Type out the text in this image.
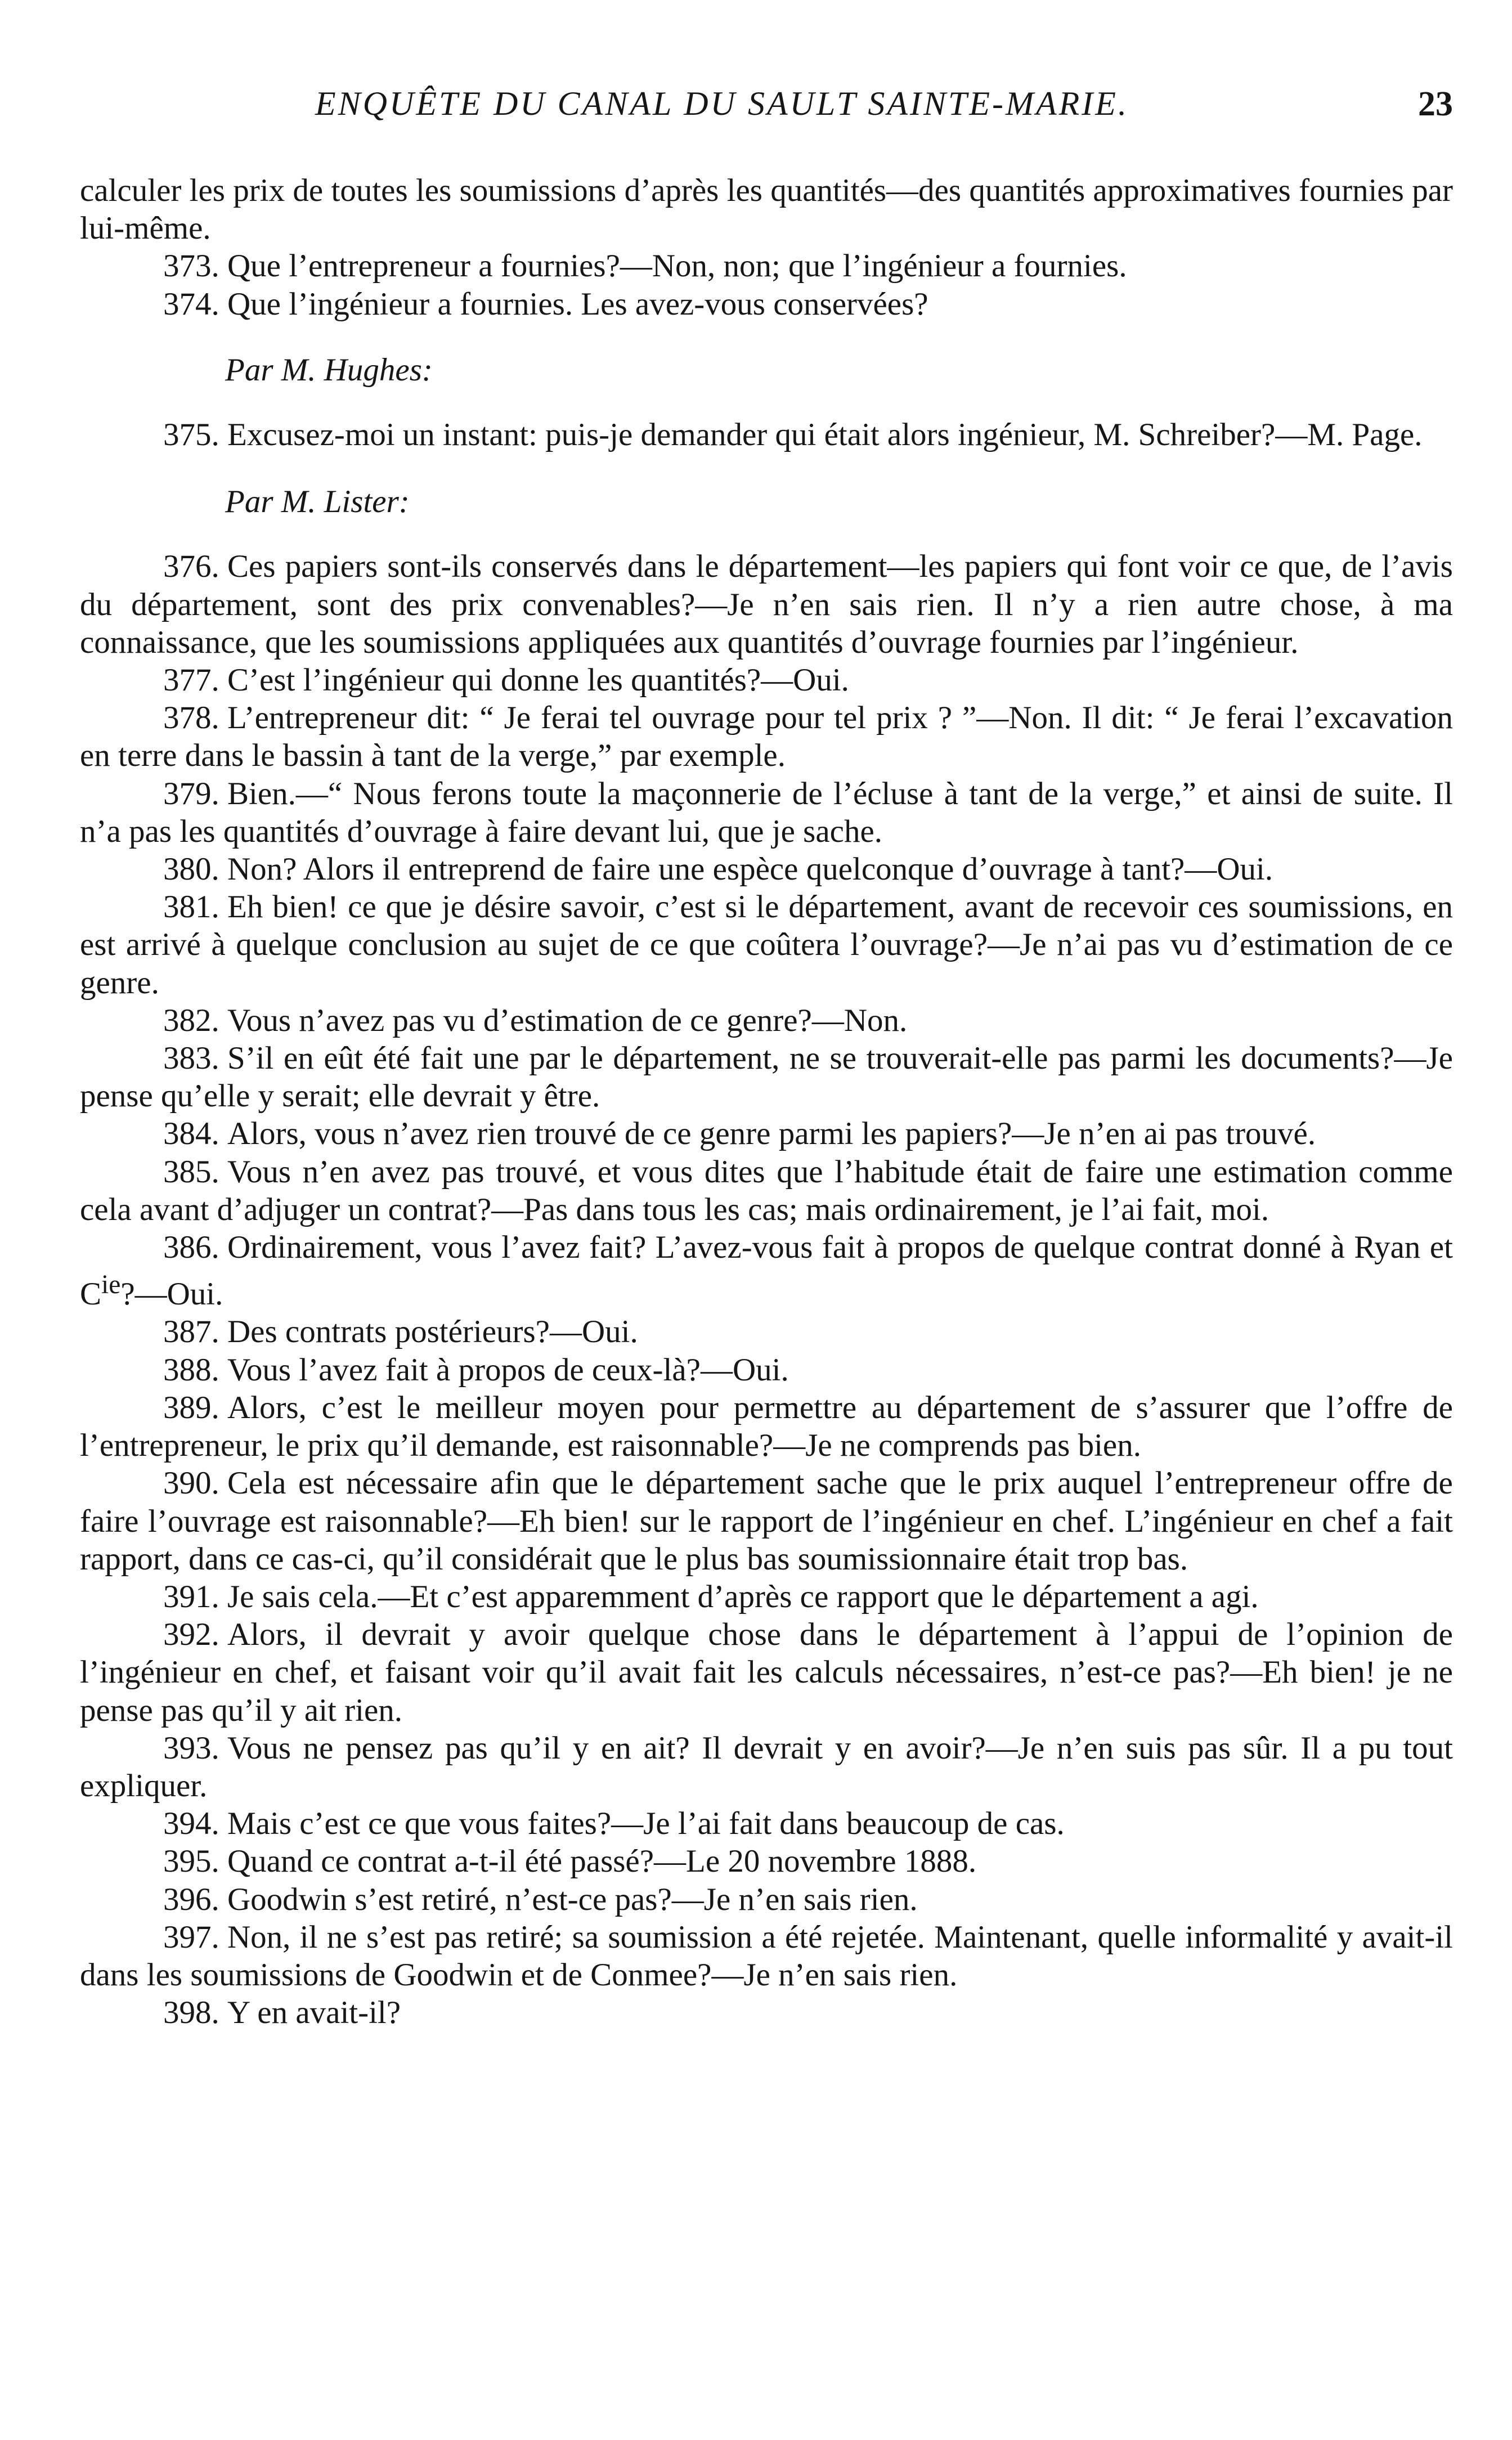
ENQUÊTE DU CANAL DU SAULT SAINTE-MARIE.	23

calculer les prix de toutes les soumissions d’après les quantités—des quantités approximatives fournies par lui-même.

373. Que l’entrepreneur a fournies?—Non, non; que l’ingénieur a fournies.

374. Que l’ingénieur a fournies. Les avez-vous conservées?

Par M. Hughes:

375. Excusez-moi un instant: puis-je demander qui était alors ingénieur, M. Schreiber?—M. Page.

Par M. Lister:

376. Ces papiers sont-ils conservés dans le département—les papiers qui font voir ce que, de l’avis du département, sont des prix convenables?—Je n’en sais rien. Il n’y a rien autre chose, à ma connaissance, que les soumissions appliquées aux quantités d’ouvrage fournies par l’ingénieur.

377. C’est l’ingénieur qui donne les quantités?—Oui.

378. L’entrepreneur dit: “ Je ferai tel ouvrage pour tel prix ? ”—Non. Il dit: “ Je ferai l’excavation en terre dans le bassin à tant de la verge,” par exemple.

379. Bien.—“ Nous ferons toute la maçonnerie de l’écluse à tant de la verge,” et ainsi de suite. Il n’a pas les quantités d’ouvrage à faire devant lui, que je sache.

380. Non? Alors il entreprend de faire une espèce quelconque d’ouvrage à tant?—Oui.

381. Eh bien! ce que je désire savoir, c’est si le département, avant de recevoir ces soumissions, en est arrivé à quelque conclusion au sujet de ce que coûtera l’ouvrage?—Je n’ai pas vu d’estimation de ce genre.

382. Vous n’avez pas vu d’estimation de ce genre?—Non.

383. S’il en eût été fait une par le département, ne se trouverait-elle pas parmi les documents?—Je pense qu’elle y serait; elle devrait y être.

384. Alors, vous n’avez rien trouvé de ce genre parmi les papiers?—Je n’en ai pas trouvé.

385. Vous n’en avez pas trouvé, et vous dites que l’habitude était de faire une estimation comme cela avant d’adjuger un contrat?—Pas dans tous les cas; mais ordinairement, je l’ai fait, moi.

386. Ordinairement, vous l’avez fait? L’avez-vous fait à propos de quelque contrat donné à Ryan et $C^{ie}?—Oui$.

387. Des contrats postérieurs?—Oui.

388. Vous l’avez fait à propos de ceux-là?—Oui.

389. Alors, c’est le meilleur moyen pour permettre au département de s’assurer que l’offre de l’entrepreneur, le prix qu’il demande, est raisonnable?—Je ne comprends pas bien.

390. Cela est nécessaire afin que le département sache que le prix auquel l’entrepreneur offre de faire l’ouvrage est raisonnable?—Eh bien! sur le rapport de l’ingénieur en chef. L’ingénieur en chef a fait rapport, dans ce cas-ci, qu’il considérait que le plus bas soumissionnaire était trop bas.

391. Je sais cela.—Et c’est apparemment d’après ce rapport que le département a agi.

392. Alors, il devrait y avoir quelque chose dans le département à l’appui de l’opinion de l’ingénieur en chef, et faisant voir qu’il avait fait les calculs nécessaires, n’est-ce pas?—Eh bien! je ne pense pas qu’il y ait rien.

393. Vous ne pensez pas qu’il y en ait? Il devrait y en avoir?—Je n’en suis pas sûr. Il a pu tout expliquer.

394. Mais c’est ce que vous faites?—Je l’ai fait dans beaucoup de cas.

395. Quand ce contrat a-t-il été passé?—Le 20 novembre 1888.

396. Goodwin s’est retiré, n’est-ce pas?—Je n’en sais rien.

397. Non, il ne s’est pas retiré; sa soumission a été rejetée. Maintenant, quelle informalité y avait-il dans les soumissions de Goodwin et de Conmee?—Je n’en sais rien.

398. Y en avait-il?
